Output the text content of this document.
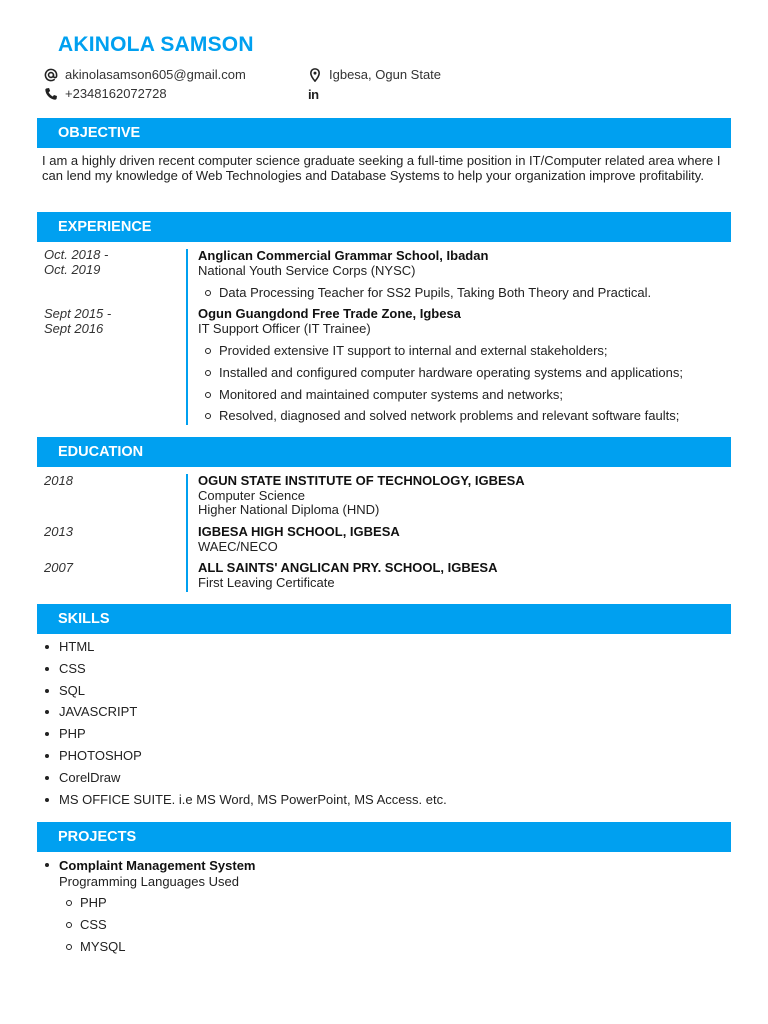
AKINOLA SAMSON
akinolasamson605@gmail.com
+2348162072728
Igbesa, Ogun State
in
OBJECTIVE

I am a highly driven recent computer science graduate seeking a full-time position in IT/Computer related area where I can lend my knowledge of Web Technologies and Database Systems to help your organization improve profitability.

EXPERIENCE
Oct. 2018 -
Oct. 2019

Anglican Commercial Grammar School, Ibadan

National Youth Service Corps (NYSC)

Data Processing Teacher for SS2 Pupils, Taking Both Theory and Practical.
Sept 2015 -
Sept 2016

Ogun Guangdond Free Trade Zone, Igbesa

IT Support Officer (IT Trainee)

Provided extensive IT support to internal and external stakeholders;
Installed and configured computer hardware operating systems and applications;
Monitored and maintained computer systems and networks;
Resolved, diagnosed and solved network problems and relevant software faults;
EDUCATION
2018	OGUN STATE INSTITUTE OF TECHNOLOGY, IGBESA

Computer Science

Higher National Diploma (HND)

2013	IGBESA HIGH SCHOOL, IGBESA

WAEC/NECO

2007	ALL SAINTS' ANGLICAN PRY. SCHOOL, IGBESA

First Leaving Certificate

SKILLS
HTML
CSS
SQL
JAVASCRIPT
PHP
PHOTOSHOP
CorelDraw
MS OFFICE SUITE. i.e MS Word, MS PowerPoint, MS Access. etc.
PROJECTS
Complaint Management System
Programming Languages Used
PHP
CSS
MYSQL
